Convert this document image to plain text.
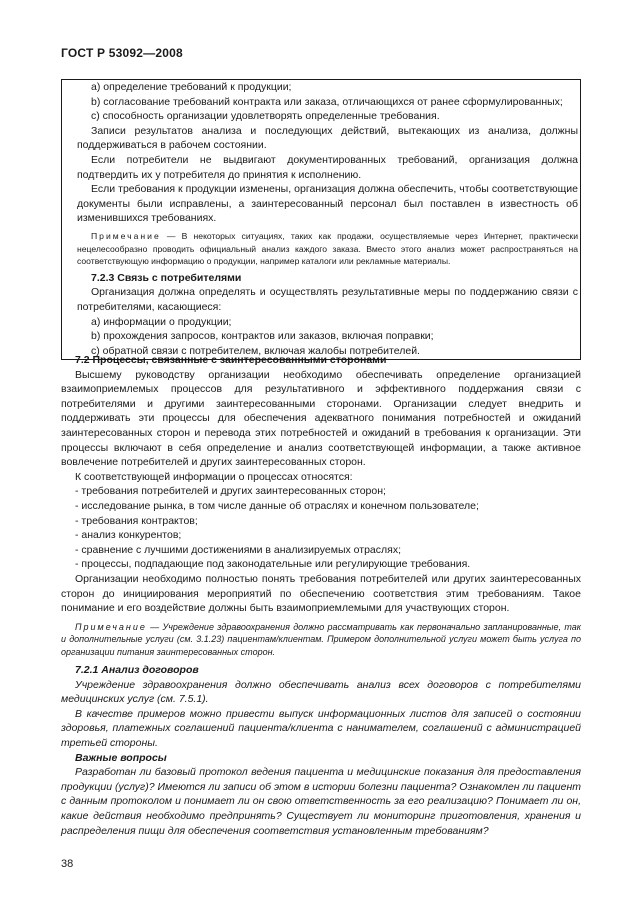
ГОСТ Р 53092—2008

a) определение требований к продукции;

b) согласование требований контракта или заказа, отличающихся от ранее сформулированных;

c) способность организации удовлетворять определенные требования.

Записи результатов анализа и последующих действий, вытекающих из анализа, должны поддерживаться в рабочем состоянии.

Если потребители не выдвигают документированных требований, организация должна подтвердить их у потребителя до принятия к исполнению.

Если требования к продукции изменены, организация должна обеспечить, чтобы соответствующие документы были исправлены, а заинтересованный персонал был поставлен в известность об изменившихся требованиях.

Примечание — В некоторых ситуациях, таких как продажи, осуществляемые через Интернет, практически нецелесообразно проводить официальный анализ каждого заказа. Вместо этого анализ может распространяться на соответствующую информацию о продукции, например каталоги или рекламные материалы.

7.2.3 Связь с потребителями

Организация должна определять и осуществлять результативные меры по поддержанию связи с потребителями, касающиеся:

a) информации о продукции;

b) прохождения запросов, контрактов или заказов, включая поправки;

c) обратной связи с потребителем, включая жалобы потребителей.

7.2 Процессы, связанные с заинтересованными сторонами

Высшему руководству организации необходимо обеспечивать определение организацией взаимоприемлемых процессов для результативного и эффективного поддержания связи с потребителями и другими заинтересованными сторонами. Организации следует внедрить и поддерживать эти процессы для обеспечения адекватного понимания потребностей и ожиданий заинтересованных сторон и перевода этих потребностей и ожиданий в требования к организации. Эти процессы включают в себя определение и анализ соответствующей информации, а также активное вовлечение потребителей и других заинтересованных сторон.

К соответствующей информации о процессах относятся:

- требования потребителей и других заинтересованных сторон;

- исследование рынка, в том числе данные об отраслях и конечном пользователе;

- требования контрактов;

- анализ конкурентов;

- сравнение с лучшими достижениями в анализируемых отраслях;

- процессы, подпадающие под законодательные или регулирующие требования.

Организации необходимо полностью понять требования потребителей или других заинтересованных сторон до инициирования мероприятий по обеспечению соответствия этим требованиям. Такое понимание и его воздействие должны быть взаимоприемлемыми для участвующих сторон.

Примечание — Учреждение здравоохранения должно рассматривать как первоначально запланированные, так и дополнительные услуги (см. 3.1.23) пациентам/клиентам. Примером дополнительной услуги может быть услуга по организации питания заинтересованных сторон.

7.2.1 Анализ договоров

Учреждение здравоохранения должно обеспечивать анализ всех договоров с потребителями медицинских услуг (см. 7.5.1).

В качестве примеров можно привести выпуск информационных листов для записей о состоянии здоровья, платежных соглашений пациента/клиента с нанимателем, соглашений с администрацией третьей стороны.

Важные вопросы

Разработан ли базовый протокол ведения пациента и медицинские показания для предоставления продукции (услуг)? Имеются ли записи об этом в истории болезни пациента? Ознакомлен ли пациент с данным протоколом и понимает ли он свою ответственность за его реализацию? Понимает ли он, какие действия необходимо предпринять? Существует ли мониторинг приготовления, хранения и распределения пищи для обеспечения соответствия установленным требованиям?

38
